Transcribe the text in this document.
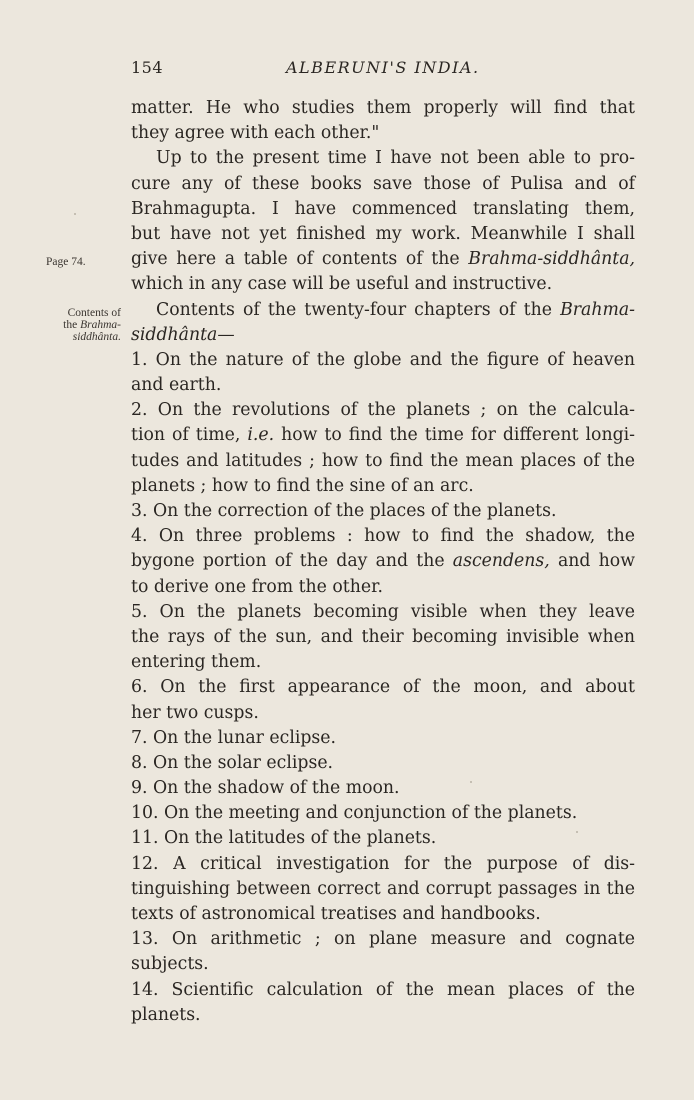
154	ALBERUNI'S INDIA.
Page 74.
Contents of
the Brahma-
siddhânta.
matter. He who studies them properly will find that
they agree with each other."
Up to the present time I have not been able to pro-
cure any of these books save those of Pulisa and of
Brahmagupta. I have commenced translating them,
but have not yet finished my work. Meanwhile I shall
give here a table of contents of the Brahma-siddhânta,
which in any case will be useful and instructive.
Contents of the twenty-four chapters of the Brahma-
siddhânta—
1. On the nature of the globe and the figure of heaven
and earth.
2. On the revolutions of the planets ; on the calcula-
tion of time, i.e. how to find the time for different longi-
tudes and latitudes ; how to find the mean places of the
planets ; how to find the sine of an arc.
3. On the correction of the places of the planets.
4. On three problems : how to find the shadow, the
bygone portion of the day and the ascendens, and how
to derive one from the other.
5. On the planets becoming visible when they leave
the rays of the sun, and their becoming invisible when
entering them.
6. On the first appearance of the moon, and about
her two cusps.
7. On the lunar eclipse.
8. On the solar eclipse.
9. On the shadow of the moon.
10. On the meeting and conjunction of the planets.
11. On the latitudes of the planets.
12. A critical investigation for the purpose of dis-
tinguishing between correct and corrupt passages in the
texts of astronomical treatises and handbooks.
13. On arithmetic ; on plane measure and cognate
subjects.
14. Scientific calculation of the mean places of the
planets.
